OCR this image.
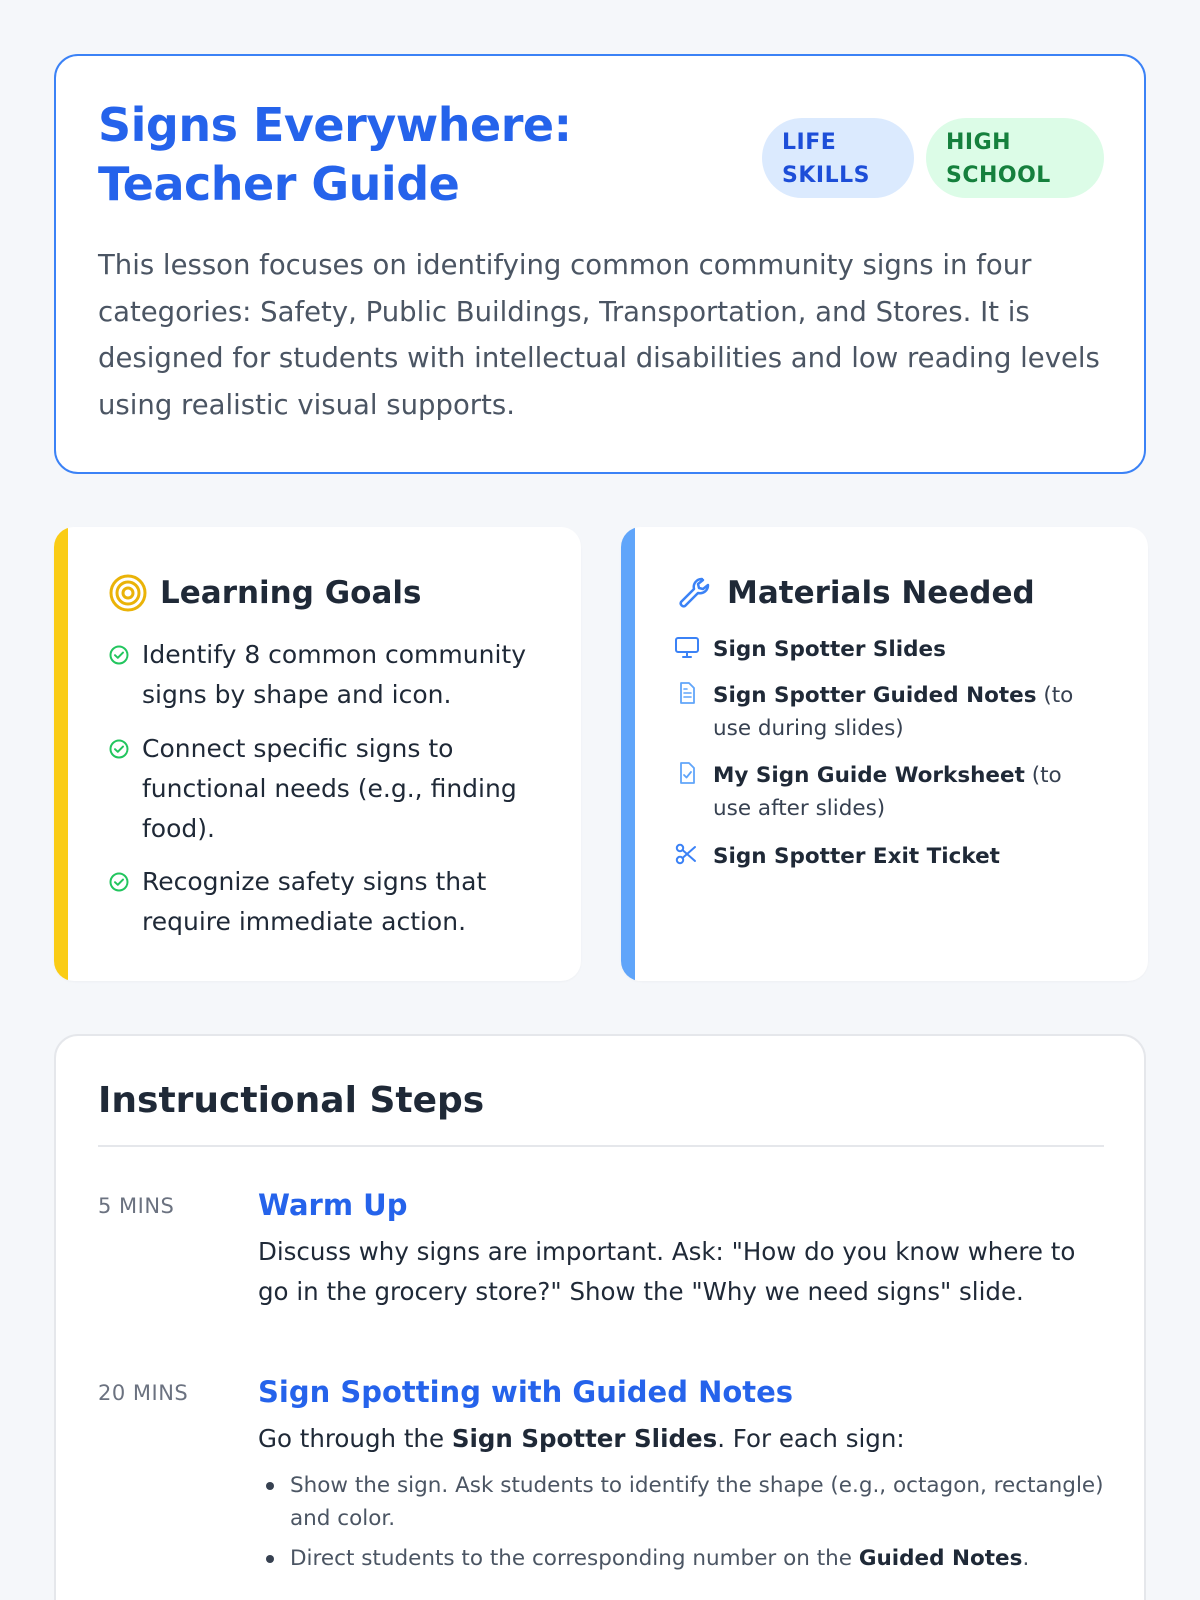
Signs Everywhere: Teacher Guide
LIFE SKILLS
HIGH SCHOOL

This lesson focuses on identifying common community signs in four categories: Safety, Public Buildings, Transportation, and Stores. It is designed for students with intellectual disabilities and low reading levels using realistic visual supports.

Learning Goals
Identify 8 common community signs by shape and icon.
Connect specific signs to functional needs (e.g., finding food).
Recognize safety signs that require immediate action.
Materials Needed
Sign Spotter Slides
Sign Spotter Guided Notes (to use during slides)
My Sign Guide Worksheet (to use after slides)
Sign Spotter Exit Ticket
Instructional Steps
5 MINS	Warm Up

Discuss why signs are important. Ask: "How do you know where to go in the grocery store?" Show the "Why we need signs" slide.

20 MINS Sign Spotting with Guided Notes

Go through the Sign Spotter Slides. For each sign:

Show the sign. Ask students to identify the shape (e.g., octagon, rectangle) and color.
Direct students to the corresponding number on the Guided Notes.
